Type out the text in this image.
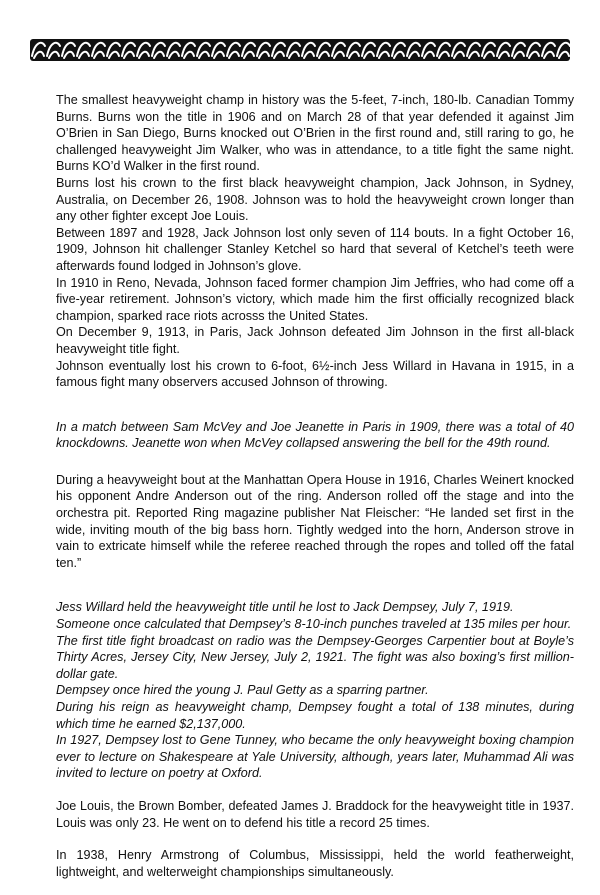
The smallest heavyweight champ in history was the 5-feet, 7-inch, 180-lb. Canadian Tommy Burns. Burns won the title in 1906 and on March 28 of that year defended it against Jim O’Brien in San Diego, Burns knocked out O’Brien in the first round and, still raring to go, he challenged heavyweight Jim Walker, who was in attendance, to a title fight the same night. Burns KO’d Walker in the first round.

Burns lost his crown to the first black heavyweight champion, Jack Johnson, in Sydney, Australia, on December 26, 1908. Johnson was to hold the heavyweight crown longer than any other fighter except Joe Louis.

Between 1897 and 1928, Jack Johnson lost only seven of 114 bouts. In a fight October 16, 1909, Johnson hit challenger Stanley Ketchel so hard that several of Ketchel’s teeth were afterwards found lodged in Johnson’s glove.

In 1910 in Reno, Nevada, Johnson faced former champion Jim Jeffries, who had come off a five-year retirement. Johnson’s victory, which made him the first officially recognized black champion, sparked race riots acrosss the United States.

On December 9, 1913, in Paris, Jack Johnson defeated Jim Johnson in the first all-black heavyweight title fight.

Johnson eventually lost his crown to 6-foot, 6½-inch Jess Willard in Havana in 1915, in a famous fight many observers accused Johnson of throwing.

In a match between Sam McVey and Joe Jeanette in Paris in 1909, there was a total of 40 knockdowns. Jeanette won when McVey collapsed answering the bell for the 49th round.

During a heavyweight bout at the Manhattan Opera House in 1916, Charles Weinert knocked his opponent Andre Anderson out of the ring. Anderson rolled off the stage and into the orchestra pit. Reported Ring magazine publisher Nat Fleischer: “He landed set first in the wide, inviting mouth of the big bass horn. Tightly wedged into the horn, Anderson strove in vain to extricate himself while the referee reached through the ropes and tolled off the fatal ten.”

Jess Willard held the heavyweight title until he lost to Jack Dempsey, July 7, 1919.

Someone once calculated that Dempsey’s 8-10-inch punches traveled at 135 miles per hour.

The first title fight broadcast on radio was the Dempsey-Georges Carpentier bout at Boyle’s Thirty Acres, Jersey City, New Jersey, July 2, 1921. The fight was also boxing’s first million-dollar gate.

Dempsey once hired the young J. Paul Getty as a sparring partner.

During his reign as heavyweight champ, Dempsey fought a total of 138 minutes, during which time he earned $2,137,000.

In 1927, Dempsey lost to Gene Tunney, who became the only heavyweight boxing champion ever to lecture on Shakespeare at Yale University, although, years later, Muhammad Ali was invited to lecture on poetry at Oxford.

Joe Louis, the Brown Bomber, defeated James J. Braddock for the heavyweight title in 1937. Louis was only 23. He went on to defend his title a record 25 times.

In 1938, Henry Armstrong of Columbus, Mississippi, held the world featherweight, lightweight, and welterweight championships simultaneously.
